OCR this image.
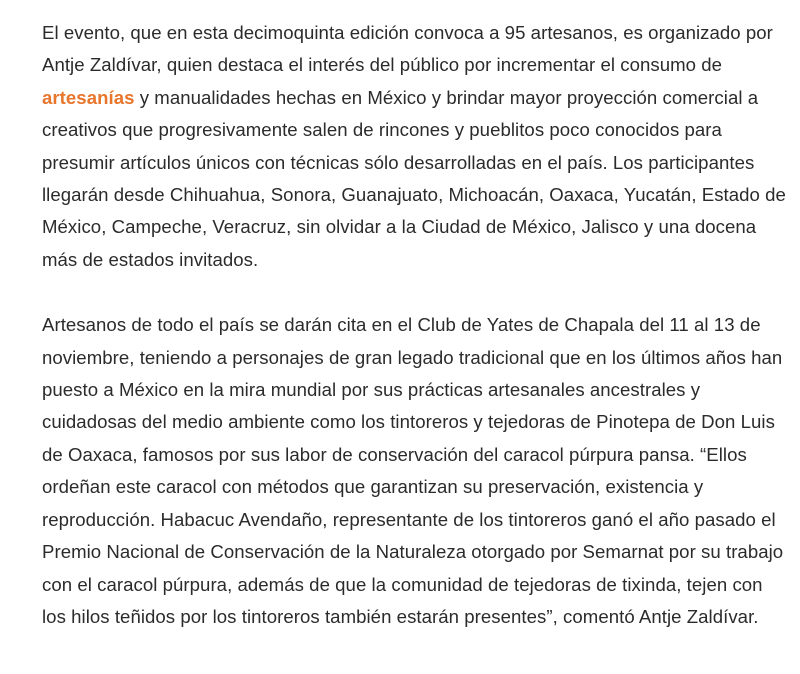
El evento, que en esta decimoquinta edición convoca a 95 artesanos, es organizado por Antje Zaldívar, quien destaca el interés del público por incrementar el consumo de artesanías y manualidades hechas en México y brindar mayor proyección comercial a creativos que progresivamente salen de rincones y pueblitos poco conocidos para presumir artículos únicos con técnicas sólo desarrolladas en el país. Los participantes llegarán desde Chihuahua, Sonora, Guanajuato, Michoacán, Oaxaca, Yucatán, Estado de México, Campeche, Veracruz, sin olvidar a la Ciudad de México, Jalisco y una docena más de estados invitados.

Artesanos de todo el país se darán cita en el Club de Yates de Chapala del 11 al 13 de noviembre, teniendo a personajes de gran legado tradicional que en los últimos años han puesto a México en la mira mundial por sus prácticas artesanales ancestrales y cuidadosas del medio ambiente como los tintoreros y tejedoras de Pinotepa de Don Luis de Oaxaca, famosos por sus labor de conservación del caracol púrpura pansa. “Ellos ordeñan este caracol con métodos que garantizan su preservación, existencia y reproducción. Habacuc Avendaño, representante de los tintoreros ganó el año pasado el Premio Nacional de Conservación de la Naturaleza otorgado por Semarnat por su trabajo con el caracol púrpura, además de que la comunidad de tejedoras de tixinda, tejen con los hilos teñidos por los tintoreros también estarán presentes”, comentó Antje Zaldívar.
